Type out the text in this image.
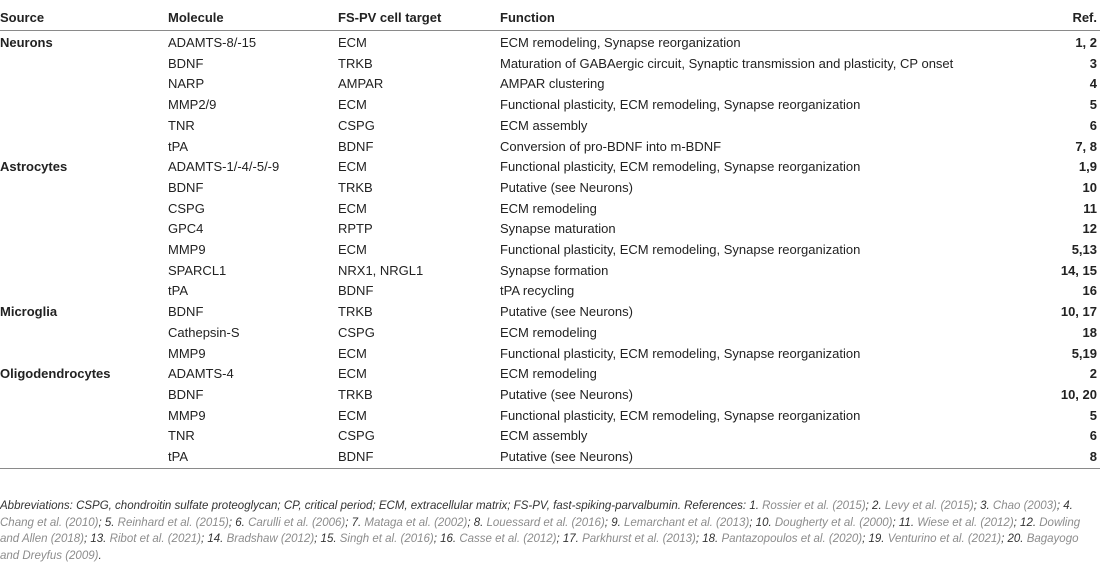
Source	Molecule	FS-PV cell target	Function	Ref.
Neurons	ADAMTS-8/-15	ECM	ECM remodeling, Synapse reorganization	1, 2
	BDNF	TRKB	Maturation of GABAergic circuit, Synaptic transmission and plasticity, CP onset	3
	NARP	AMPAR	AMPAR clustering	4
	MMP2/9	ECM	Functional plasticity, ECM remodeling, Synapse reorganization	5
	TNR	CSPG	ECM assembly	6
	tPA	BDNF	Conversion of pro-BDNF into m-BDNF	7, 8
Astrocytes	ADAMTS-1/-4/-5/-9	ECM	Functional plasticity, ECM remodeling, Synapse reorganization	1,9
	BDNF	TRKB	Putative (see Neurons)	10
	CSPG	ECM	ECM remodeling	11
	GPC4	RPTP	Synapse maturation	12
	MMP9	ECM	Functional plasticity, ECM remodeling, Synapse reorganization	5,13
	SPARCL1	NRX1, NRGL1	Synapse formation	14, 15
	tPA	BDNF	tPA recycling	16
Microglia	BDNF	TRKB	Putative (see Neurons)	10, 17
	Cathepsin-S	CSPG	ECM remodeling	18
	MMP9	ECM	Functional plasticity, ECM remodeling, Synapse reorganization	5,19
Oligodendrocytes	ADAMTS-4	ECM	ECM remodeling	2
	BDNF	TRKB	Putative (see Neurons)	10, 20
	MMP9	ECM	Functional plasticity, ECM remodeling, Synapse reorganization	5
	TNR	CSPG	ECM assembly	6
	tPA	BDNF	Putative (see Neurons)	8
Abbreviations: CSPG, chondroitin sulfate proteoglycan; CP, critical period; ECM, extracellular matrix; FS-PV, fast-spiking-parvalbumin. References: 1. Rossier et al. (2015); 2. Levy et al. (2015); 3. Chao (2003); 4. Chang et al. (2010); 5. Reinhard et al. (2015); 6. Carulli et al. (2006); 7. Mataga et al. (2002); 8. Louessard et al. (2016); 9. Lemarchant et al. (2013); 10. Dougherty et al. (2000); 11. Wiese et al. (2012); 12. Dowling and Allen (2018); 13. Ribot et al. (2021); 14. Bradshaw (2012); 15. Singh et al. (2016); 16. Casse et al. (2012); 17. Parkhurst et al. (2013); 18. Pantazopoulos et al. (2020); 19. Venturino et al. (2021); 20. Bagayogo and Dreyfus (2009).
